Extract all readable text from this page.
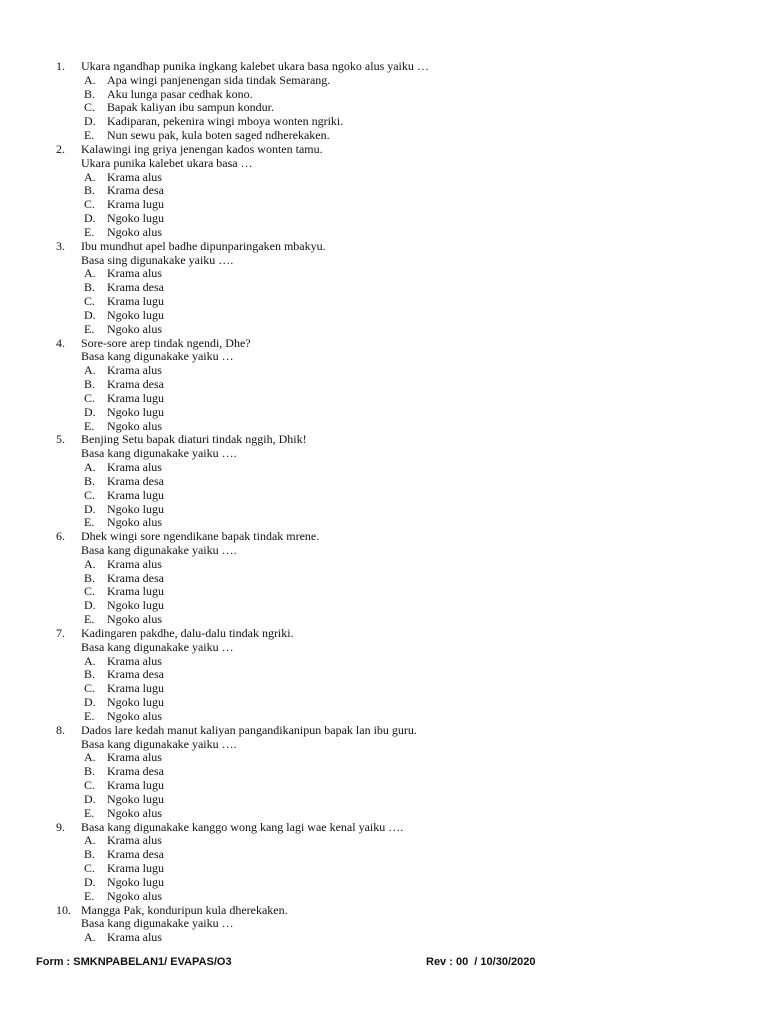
1.	Ukara ngandhap punika ingkang kalebet ukara basa ngoko alus yaiku …
A. Apa wingi panjenengan sida tindak Semarang.
B. Aku lunga pasar cedhak kono.
C. Bapak kaliyan ibu sampun kondur.
D. Kadiparan, pekenira wingi mboya wonten ngriki.
E. Nun sewu pak, kula boten saged ndherekaken.
2.	Kalawingi ing griya jenengan kados wonten tamu.
Ukara punika kalebet ukara basa …
A. Krama alus
B. Krama desa
C. Krama lugu
D. Ngoko lugu
E. Ngoko alus
3.	Ibu mundhut apel badhe dipunparingaken mbakyu.
Basa sing digunakake yaiku ….
A. Krama alus
B. Krama desa
C. Krama lugu
D. Ngoko lugu
E. Ngoko alus
4.	Sore-sore arep tindak ngendi, Dhe?
Basa kang digunakake yaiku …
A. Krama alus
B. Krama desa
C. Krama lugu
D. Ngoko lugu
E. Ngoko alus
5.	Benjing Setu bapak diaturi tindak nggih, Dhik!
Basa kang digunakake yaiku ….
A. Krama alus
B. Krama desa
C. Krama lugu
D. Ngoko lugu
E. Ngoko alus
6.	Dhek wingi sore ngendikane bapak tindak mrene.
Basa kang digunakake yaiku ….
A. Krama alus
B. Krama desa
C. Krama lugu
D. Ngoko lugu
E. Ngoko alus
7.	Kadingaren pakdhe, dalu-dalu tindak ngriki.
Basa kang digunakake yaiku …
A. Krama alus
B. Krama desa
C. Krama lugu
D. Ngoko lugu
E. Ngoko alus
8.	Dados lare kedah manut kaliyan pangandikanipun bapak lan ibu guru.
Basa kang digunakake yaiku ….
A. Krama alus
B. Krama desa
C. Krama lugu
D. Ngoko lugu
E. Ngoko alus
9.	Basa kang digunakake kanggo wong kang lagi wae kenal yaiku ….
A. Krama alus
B. Krama desa
C. Krama lugu
D. Ngoko lugu
E. Ngoko alus
10. Mangga Pak, konduripun kula dherekaken.
Basa kang digunakake yaiku …
A. Krama alus
Form : SMKNPABELAN1/ EVAPAS/O3	Rev : 00  / 10/30/2020
